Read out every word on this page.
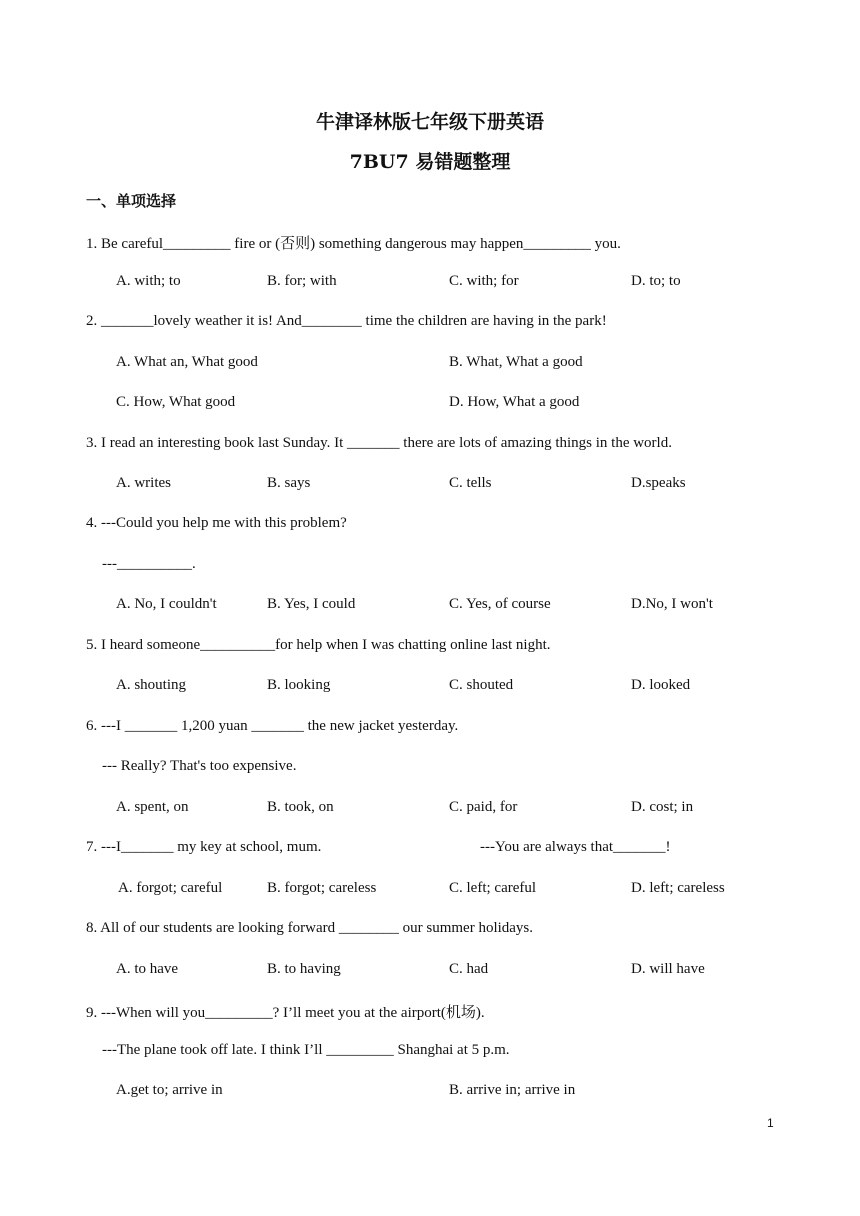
牛津译林版七年级下册英语
7BU7 易错题整理
一、单项选择
1. Be careful_________ fire or (否则) something dangerous may happen_________ you.
A. with; to	B. for; with	C. with; for	D. to; to
2. _______lovely weather it is! And________ time the children are having in the park!
A. What an, What good	B. What, What a good
C. How, What good	D. How, What a good
3. I read an interesting book last Sunday. It _______ there are lots of amazing things in the world.
A. writes	B. says	C. tells	D.speaks
4. ---Could you help me with this problem?
---__________.
A. No, I couldn't	B. Yes, I could	C. Yes, of course	D.No, I won't
5. I heard someone__________for help when I was chatting online last night.
A. shouting	B. looking	C. shouted	D. looked
6. ---I _______ 1,200 yuan _______ the new jacket yesterday.
--- Really? That's too expensive.
A. spent, on	B. took, on	C. paid, for	D. cost; in
7. ---I_______ my key at school, mum.	---You are always that_______!
A. forgot; careful	B. forgot; careless	C. left; careful	D. left; careless
8. All of our students are looking forward ________ our summer holidays.
A. to have	B. to having	C. had	D. will have
9. ---When will you_________? I’ll meet you at the airport(机场).
---The plane took off late. I think I’ll _________ Shanghai at 5 p.m.
A.get to; arrive in	B. arrive in; arrive in
1
